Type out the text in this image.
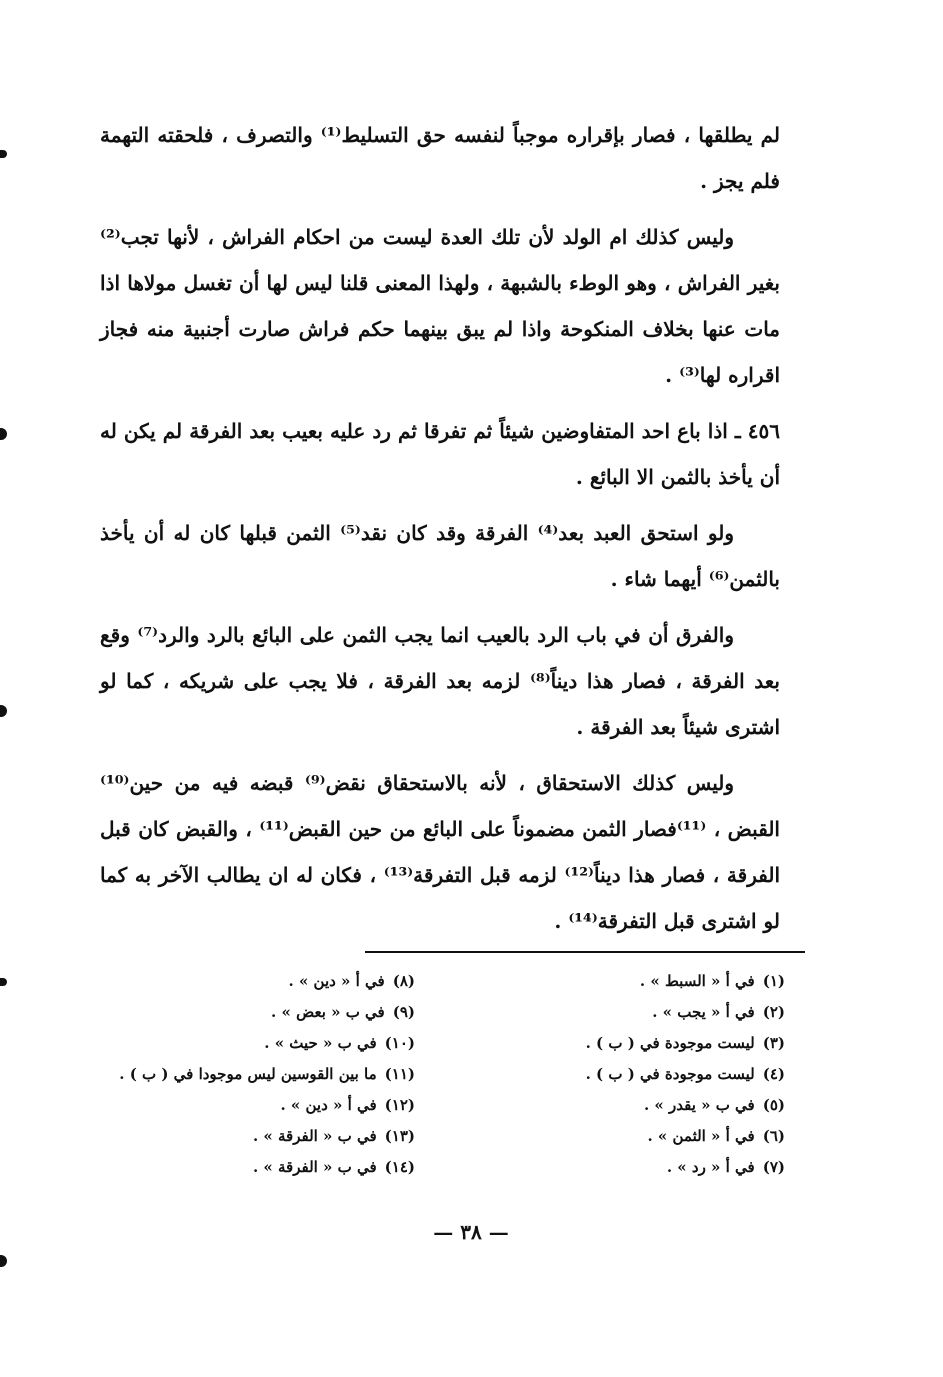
لم يطلقها ، فصار بإقراره موجباً لنفسه حق التسليط⁽¹⁾ والتصرف ، فلحقته التهمة فلم يجز .

وليس كذلك ام الولد لأن تلك العدة ليست من احكام الفراش ، لأنها تجب⁽²⁾ بغير الفراش ، وهو الوطء بالشبهة ، ولهذا المعنى قلنا ليس لها أن تغسل مولاها اذا مات عنها بخلاف المنكوحة واذا لم يبق بينهما حكم فراش صارت أجنبية منه فجاز اقراره لها⁽³⁾ .

٤٥٦ ـ اذا باع احد المتفاوضين شيئاً ثم تفرقا ثم رد عليه بعيب بعد الفرقة لم يكن له أن يأخذ بالثمن الا البائع .

ولو استحق العبد بعد⁽⁴⁾ الفرقة وقد كان نقد⁽⁵⁾ الثمن قبلها كان له أن يأخذ بالثمن⁽⁶⁾ أيهما شاء .

والفرق أن في باب الرد بالعيب انما يجب الثمن على البائع بالرد والرد⁽⁷⁾ وقع بعد الفرقة ، فصار هذا ديناً⁽⁸⁾ لزمه بعد الفرقة ، فلا يجب على شريكه ، كما لو اشترى شيئاً بعد الفرقة .

وليس كذلك الاستحقاق ، لأنه بالاستحقاق نقض⁽⁹⁾ قبضه فيه من حين⁽¹⁰⁾ القبض ، ⁽¹¹⁾فصار الثمن مضموناً على البائع من حين القبض⁽¹¹⁾ ، والقبض كان قبل الفرقة ، فصار هذا ديناً⁽¹²⁾ لزمه قبل التفرقة⁽¹³⁾ ، فكان له ان يطالب الآخر به كما لو اشترى قبل التفرقة⁽¹⁴⁾ .

(١)في أ « السبط » .
(٢)في أ « يجب » .
(٣)ليست موجودة في ( ب ) .
(٤)ليست موجودة في ( ب ) .
(٥)في ب « يقدر » .
(٦)في أ « الثمن » .
(٧)في أ « رد » .
(٨)في أ « دين » .
(٩)في ب « بعض » .
(١٠)في ب « حيث » .
(١١)ما بين القوسين ليس موجودا في ( ب ) .
(١٢)في أ « دين » .
(١٣)في ب « الفرقة » .
(١٤)في ب « الفرقة » .
— ٣٨ —
